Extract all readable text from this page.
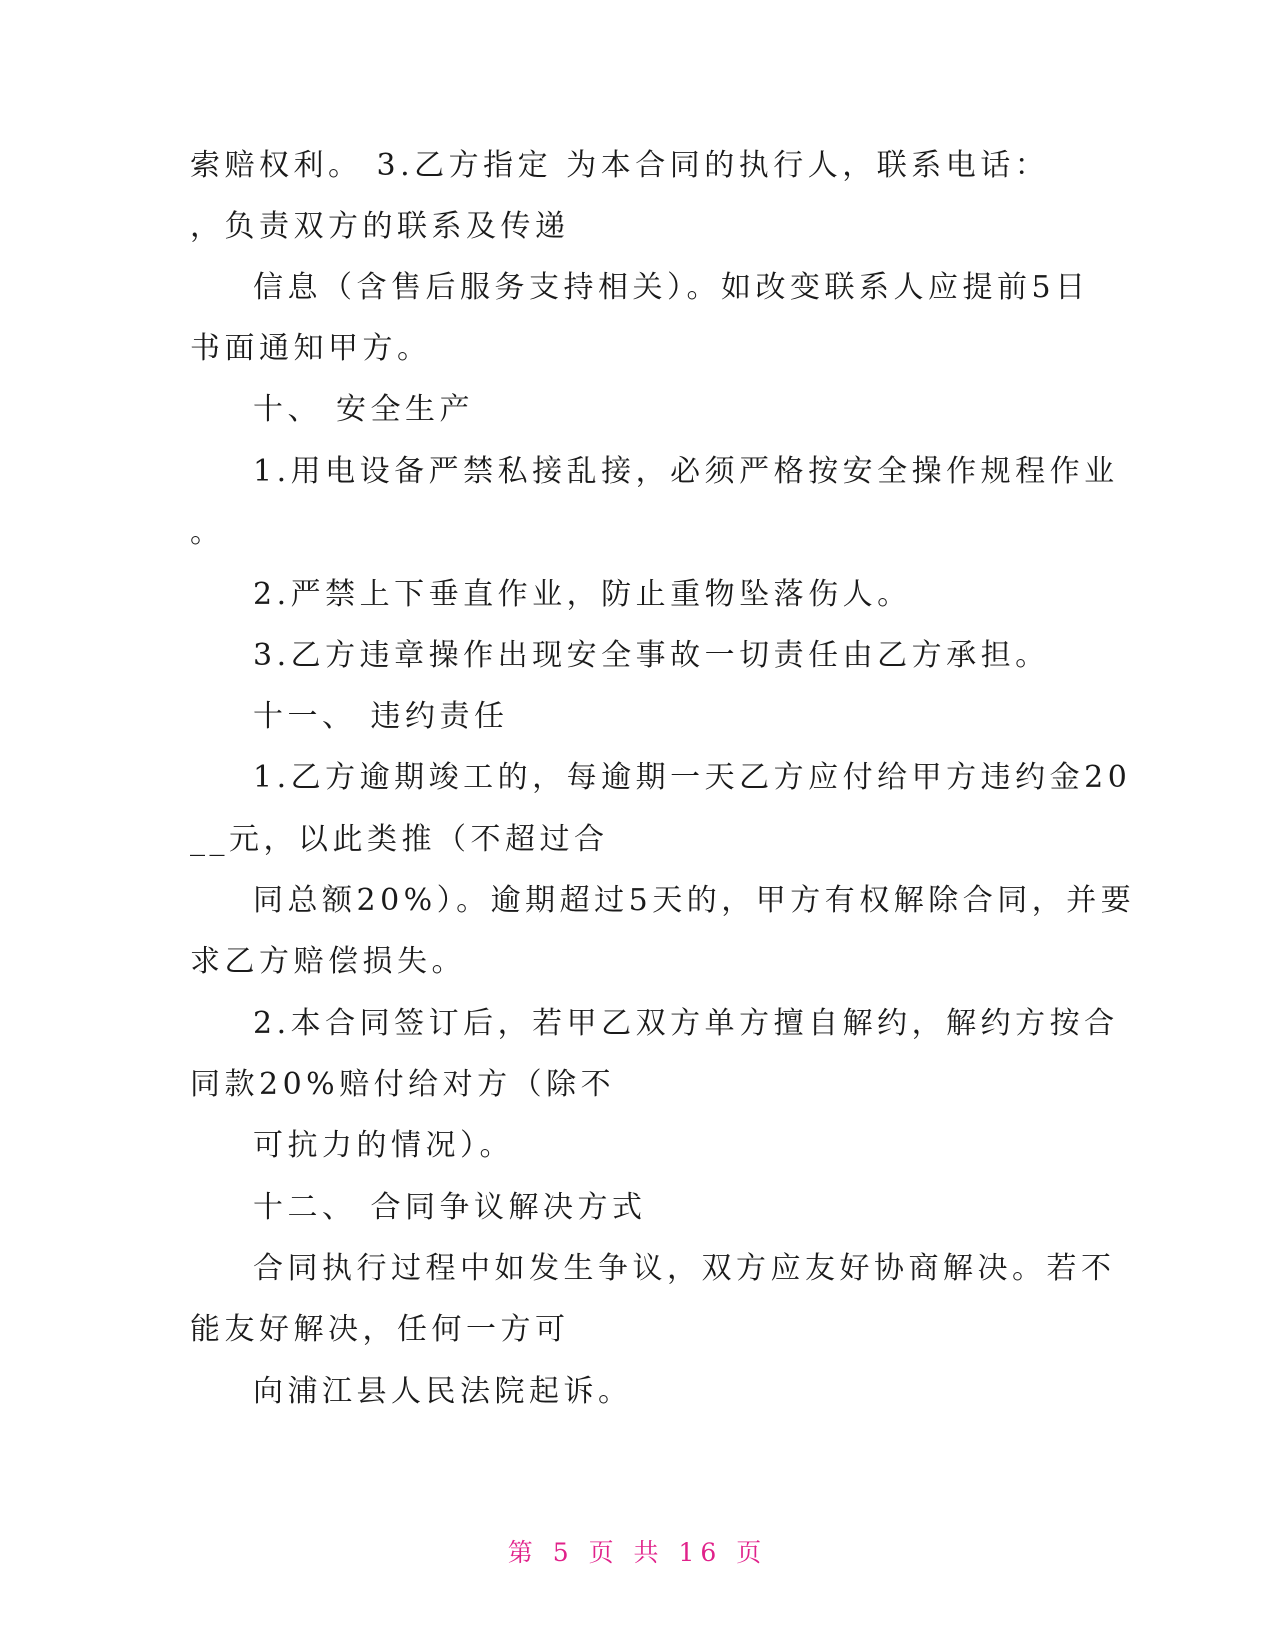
索赔权利。 3.乙方指定 为本合同的执行人，联系电话：
，负责双方的联系及传递
信息（含售后服务支持相关）。如改变联系人应提前5日
书面通知甲方。
十、 安全生产
1.用电设备严禁私接乱接，必须严格按安全操作规程作业
。
2.严禁上下垂直作业，防止重物坠落伤人。
3.乙方违章操作出现安全事故一切责任由乙方承担。
十一、 违约责任
1.乙方逾期竣工的，每逾期一天乙方应付给甲方违约金20
__元，以此类推（不超过合
同总额20%）。逾期超过5天的，甲方有权解除合同，并要
求乙方赔偿损失。
2.本合同签订后，若甲乙双方单方擅自解约，解约方按合
同款20%赔付给对方（除不
可抗力的情况）。
十二、 合同争议解决方式
合同执行过程中如发生争议，双方应友好协商解决。若不
能友好解决，任何一方可
向浦江县人民法院起诉。
第 5 页 共 16 页
